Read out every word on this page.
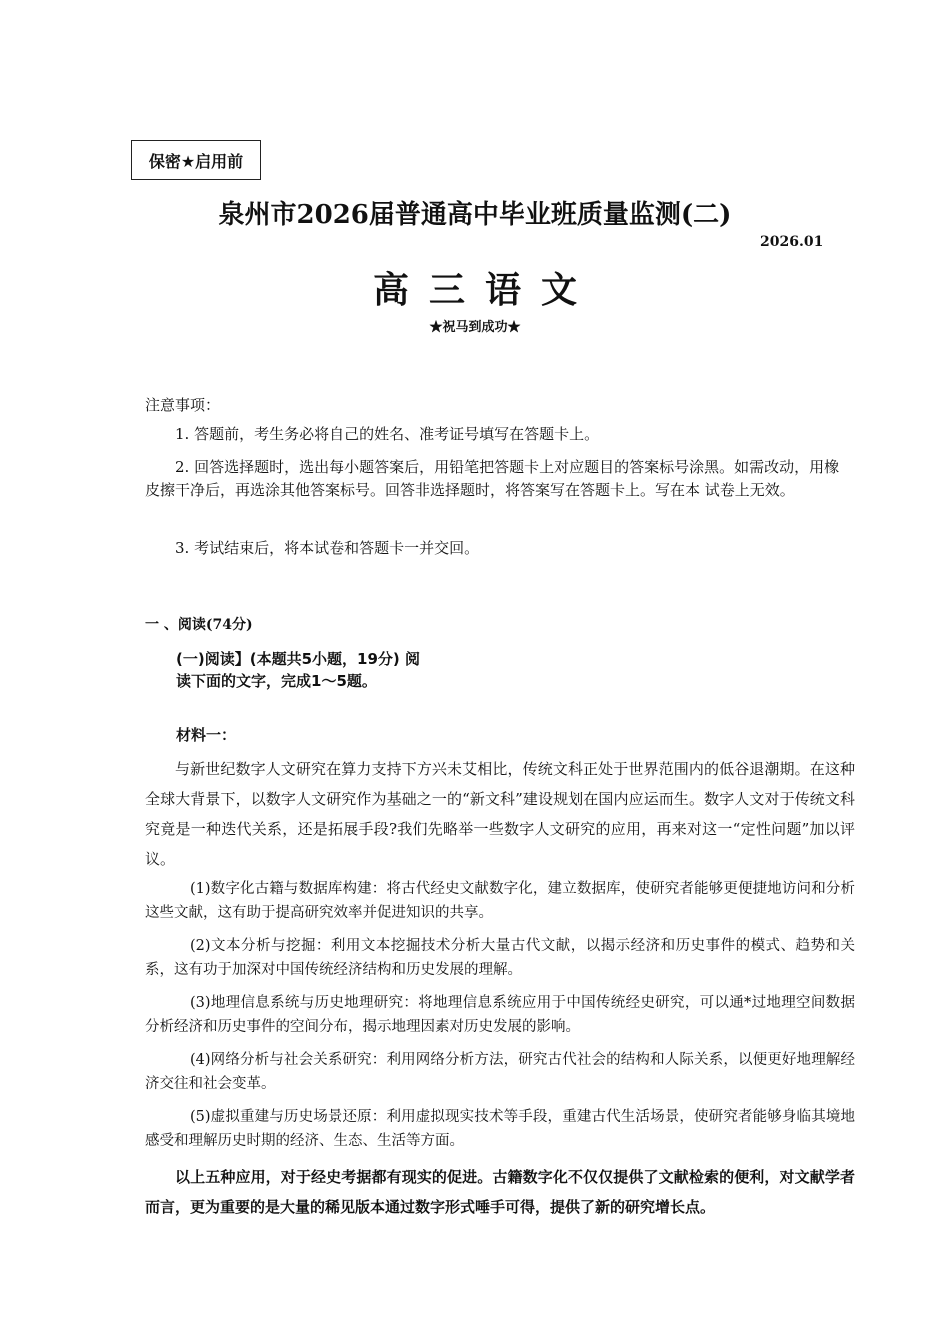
保密★启用前
泉州市2026届普通高中毕业班质量监测(二)
2026.01
高三语文
★祝马到成功★
注意事项：
1. 答题前，考生务必将自己的姓名、准考证号填写在答题卡上。
2. 回答选择题时，选出每小题答案后，用铅笔把答题卡上对应题目的答案标号涂黑。如需改动，用橡皮擦干净后，再选涂其他答案标号。回答非选择题时，将答案写在答题卡上。写在本 试卷上无效。
3. 考试结束后，将本试卷和答题卡一并交回。
一 、阅读(74分)
(一)阅读】(本题共5小题，19分) 阅读下面的文字，完成1～5题。
材料一：
与新世纪数字人文研究在算力支持下方兴未艾相比，传统文科正处于世界范围内的低谷退潮期。在这种全球大背景下，以数字人文研究作为基础之一的“新文科”建设规划在国内应运而生。数字人文对于传统文科究竟是一种迭代关系，还是拓展手段?我们先略举一些数字人文研究的应用，再来对这一“定性问题”加以评议。
(1)数字化古籍与数据库构建：将古代经史文献数字化，建立数据库，使研究者能够更便捷地访问和分析这些文献，这有助于提高研究效率并促进知识的共享。
(2)文本分析与挖掘：利用文本挖掘技术分析大量古代文献，以揭示经济和历史事件的模式、趋势和关系，这有功于加深对中国传统经济结构和历史发展的理解。
(3)地理信息系统与历史地理研究：将地理信息系统应用于中国传统经史研究，可以通*过地理空间数据分析经济和历史事件的空间分布，揭示地理因素对历史发展的影响。
(4)网络分析与社会关系研究：利用网络分析方法，研究古代社会的结构和人际关系，以便更好地理解经济交往和社会变革。
(5)虚拟重建与历史场景还原：利用虚拟现实技术等手段，重建古代生活场景，使研究者能够身临其境地感受和理解历史时期的经济、生态、生活等方面。
以上五种应用，对于经史考据都有现实的促进。古籍数字化不仅仅提供了文献检索的便利，对文献学者而言，更为重要的是大量的稀见版本通过数字形式唾手可得，提供了新的研究增长点。
